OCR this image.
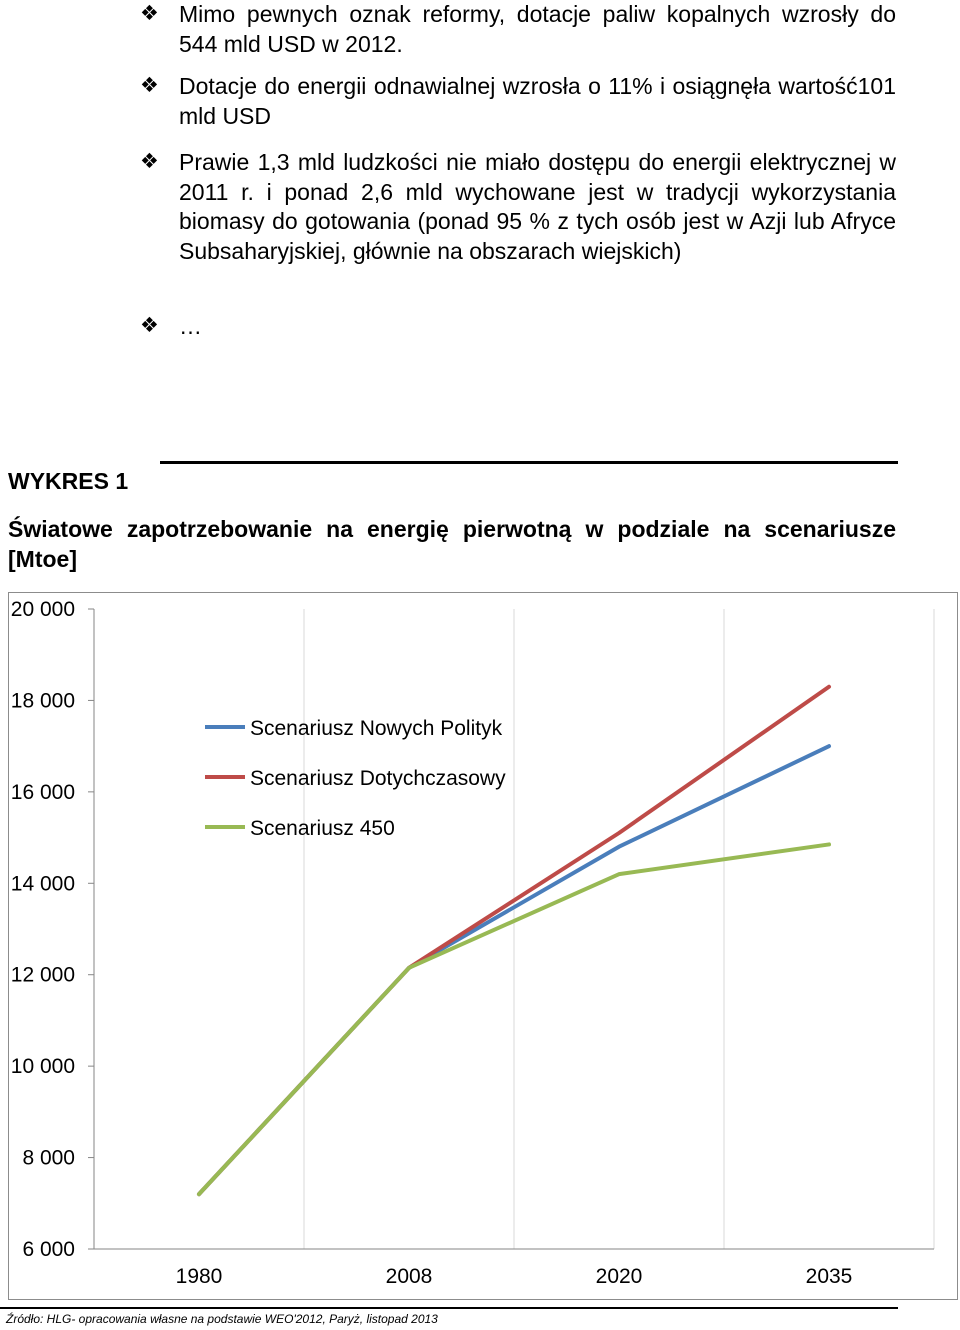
❖ Mimo pewnych oznak reformy, dotacje paliw kopalnych wzrosły do 544 mld USD w 2012.
❖ Dotacje do energii odnawialnej wzrosła o 11% i osiągnęła wartość101 mld USD
❖ Prawie 1,3 mld ludzkości nie miało dostępu do energii elektrycznej w 2011 r. i ponad 2,6 mld wychowane jest w tradycji wykorzystania biomasy do gotowania (ponad 95 % z tych osób jest w Azji lub Afryce Subsaharyjskiej, głównie na obszarach wiejskich)
❖ …
WYKRES 1
Światowe zapotrzebowanie na energię pierwotną w podziale na scenariusze [Mtoe]
6 000
8 000
10 000
12 000
14 000
16 000
18 000
20 000
1980	2008	2020	2035
Scenariusz Nowych Polityk
Scenariusz Dotychczasowy
Scenariusz 450
Źródło: HLG- opracowania własne na podstawie WEO'2012, Paryż, listopad 2013
